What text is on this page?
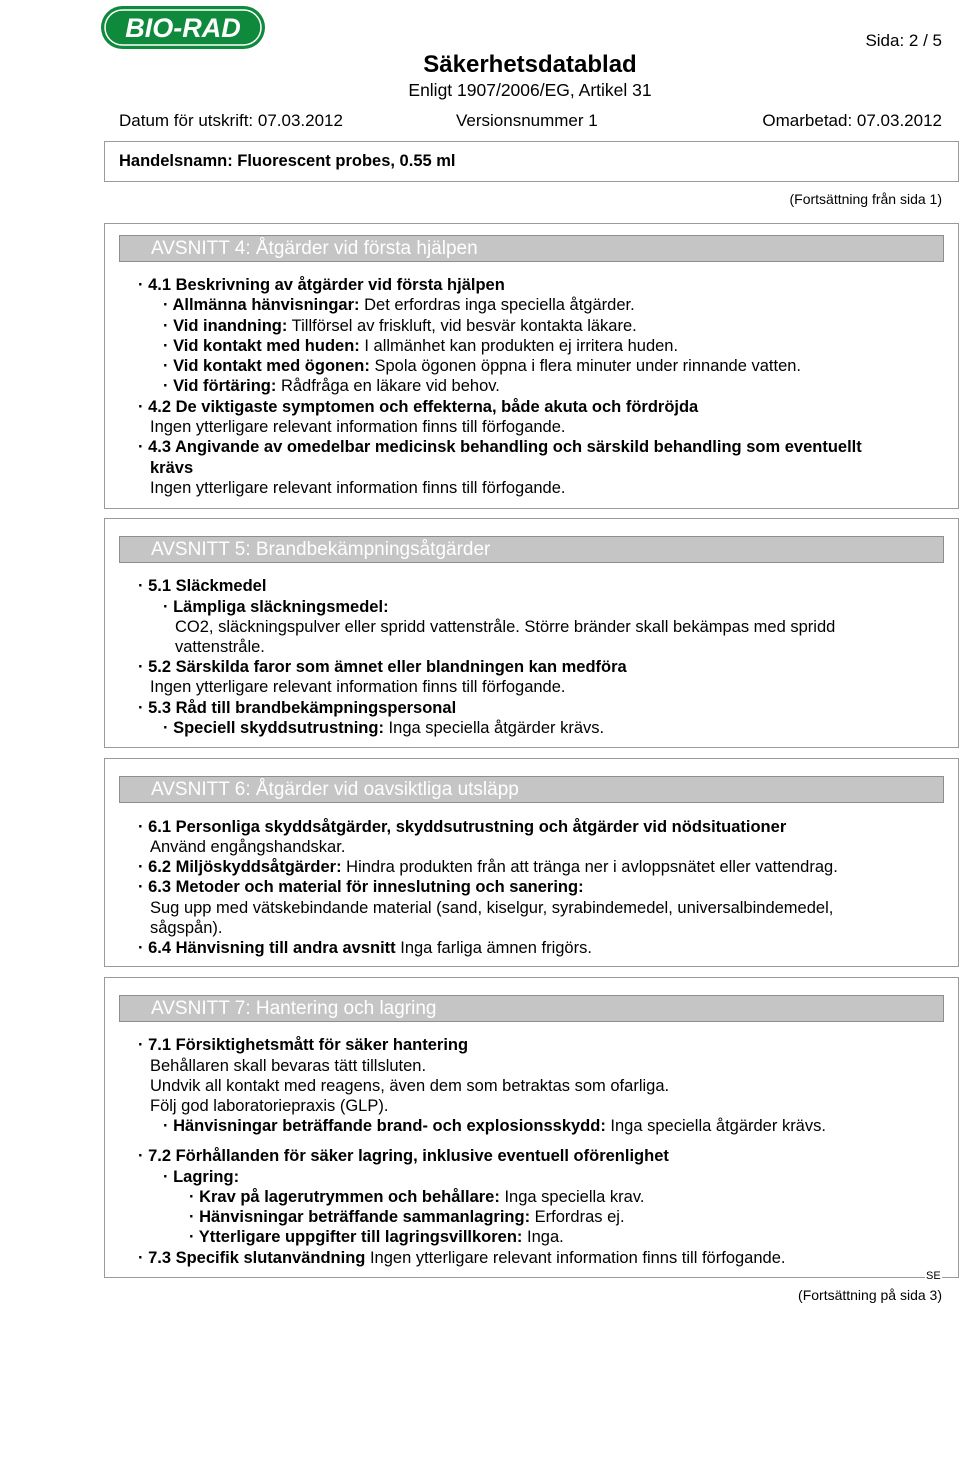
BIO-RAD	Sida: 2 / 5
Säkerhetsdatablad
Enligt 1907/2006/EG, Artikel 31
Datum för utskrift: 07.03.2012	Versionsnummer 1	Omarbetad: 07.03.2012
Handelsnamn: Fluorescent probes, 0.55 ml
(Fortsättning från sida 1)
AVSNITT 4: Åtgärder vid första hjälpen
· 4.1 Beskrivning av åtgärder vid första hjälpen
· Allmänna hänvisningar: Det erfordras inga speciella åtgärder.
· Vid inandning: Tillförsel av friskluft, vid besvär kontakta läkare.
· Vid kontakt med huden: I allmänhet kan produkten ej irritera huden.
· Vid kontakt med ögonen: Spola ögonen öppna i flera minuter under rinnande vatten.
· Vid förtäring: Rådfråga en läkare vid behov.
· 4.2 De viktigaste symptomen och effekterna, både akuta och fördröjda
Ingen ytterligare relevant information finns till förfogande.
· 4.3 Angivande av omedelbar medicinsk behandling och särskild behandling som eventuellt
krävs
Ingen ytterligare relevant information finns till förfogande.
AVSNITT 5: Brandbekämpningsåtgärder
· 5.1 Släckmedel
· Lämpliga släckningsmedel:
CO2, släckningspulver eller spridd vattenstråle. Större bränder skall bekämpas med spridd
vattenstråle.
· 5.2 Särskilda faror som ämnet eller blandningen kan medföra
Ingen ytterligare relevant information finns till förfogande.
· 5.3 Råd till brandbekämpningspersonal
· Speciell skyddsutrustning: Inga speciella åtgärder krävs.
AVSNITT 6: Åtgärder vid oavsiktliga utsläpp
· 6.1 Personliga skyddsåtgärder, skyddsutrustning och åtgärder vid nödsituationer
Använd engångshandskar.
· 6.2 Miljöskyddsåtgärder: Hindra produkten från att tränga ner i avloppsnätet eller vattendrag.
· 6.3 Metoder och material för inneslutning och sanering:
Sug upp med vätskebindande material (sand, kiselgur, syrabindemedel, universalbindemedel,
sågspån).
· 6.4 Hänvisning till andra avsnitt Inga farliga ämnen frigörs.
AVSNITT 7: Hantering och lagring
· 7.1 Försiktighetsmått för säker hantering
Behållaren skall bevaras tätt tillsluten.
Undvik all kontakt med reagens, även dem som betraktas som ofarliga.
Följ god laboratoriepraxis (GLP).
· Hänvisningar beträffande brand- och explosionsskydd: Inga speciella åtgärder krävs.
· 7.2 Förhållanden för säker lagring, inklusive eventuell oförenlighet
· Lagring:
· Krav på lagerutrymmen och behållare: Inga speciella krav.
· Hänvisningar beträffande sammanlagring: Erfordras ej.
· Ytterligare uppgifter till lagringsvillkoren: Inga.
· 7.3 Specifik slutanvändning Ingen ytterligare relevant information finns till förfogande.
SE
(Fortsättning på sida 3)
